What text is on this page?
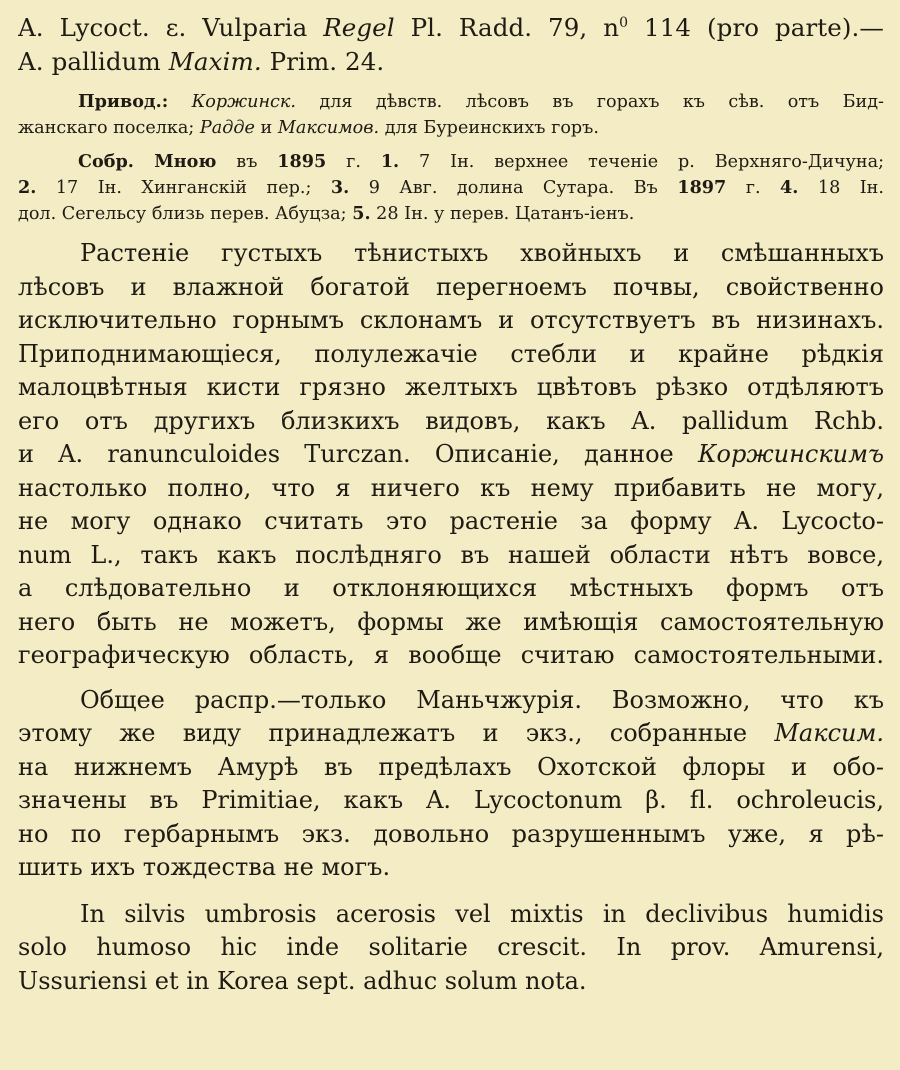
A. Lycoct. ε. Vulparia Regel Pl. Radd. 79, $n^0$ 114 (pro parte).—
A. pallidum Maxim. Prim. 24.
Привод.: Коржинск. для дѣвств. лѣсовъ въ горахъ къ сѣв. отъ Бид-
жанскаго поселка; Радде и Максимов. для Буреинскихъ горъ.
Собр. Мною въ 1895 г. 1. 7 Iн. верхнее теченіе р. Верхняго-Дичуна;
2. 17 Iн. Хинганскій пер.; 3. 9 Авг. долина Сутара. Въ 1897 г. 4. 18 Iн.
дол. Сегельсу близь перев. Абуцза; 5. 28 Iн. у перев. Цатанъ-iенъ.
Растеніе густыхъ тѣнистыхъ хвойныхъ и смѣшанныхъ
лѣсовъ и влажной богатой перегноемъ почвы, свойственно
исключительно горнымъ склонамъ и отсутствуетъ въ низинахъ.
Приподнимающіеся, полулежачіе стебли и крайне рѣдкія
малоцвѣтныя кисти грязно желтыхъ цвѣтовъ рѣзко отдѣляютъ
его отъ другихъ близкихъ видовъ, какъ A. pallidum Rchb.
и A. ranunculoides Turczan. Описаніе, данное Коржинскимъ
настолько полно, что я ничего къ нему прибавить не могу,
не могу однако считать это растеніе за форму A. Lycocto-
num L., такъ какъ послѣдняго въ нашей области нѣтъ вовсе,
а слѣдовательно и отклоняющихся мѣстныхъ формъ отъ
него быть не можетъ, формы же имѣющія самостоятельную
географическую область, я вообще считаю самостоятельными.
Общее распр.—только Маньчжурія. Возможно, что къ
этому же виду принадлежатъ и экз., собранные Максим.
на нижнемъ Амурѣ въ предѣлахъ Охотской флоры и обо-
значены въ Primitiae, какъ A. Lycoctonum β. fl. ochroleucis,
но по гербарнымъ экз. довольно разрушеннымъ уже, я рѣ-
шить ихъ тождества не могъ.
In silvis umbrosis acerosis vel mixtis in declivibus humidis
solo humoso hic inde solitarie crescit. In prov. Amurensi,
Ussuriensi et in Korea sept. adhuc solum nota.
